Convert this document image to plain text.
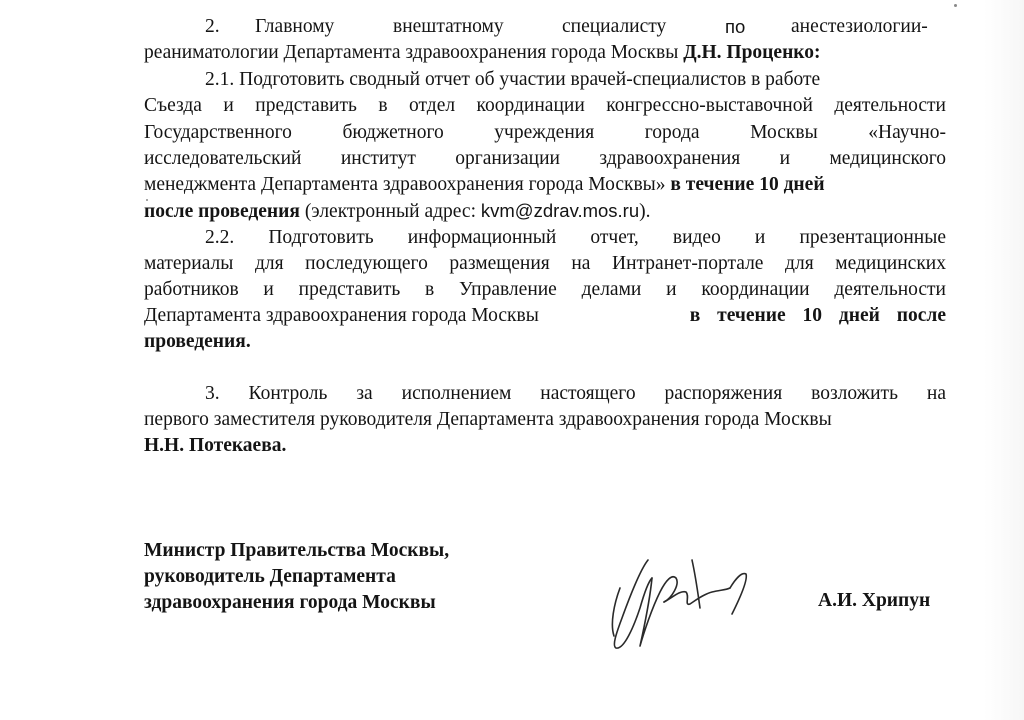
2. Главному	внештатному	специалисту	по анестезиологии-
реаниматологии Департамента здравоохранения города Москвы Д.Н. Проценко:
2.1. Подготовить сводный отчет об участии врачей-специалистов в работе
Съезда и представить в отдел координации конгрессно-выставочной деятельности
Государственного бюджетного учреждения города Москвы «Научно-
исследовательский институт организации здравоохранения и медицинского
менеджмента Департамента здравоохранения города Москвы» в течение 10 дней
после проведения (электронный адрес: kvm@zdrav.mos.ru).
2.2. Подготовить информационный отчет, видео и презентационные
материалы для последующего размещения на Интранет-портале для медицинских
работников и представить в Управление делами и координации деятельности
Департамента здравоохранения города Москвы	в течение 10 дней после
проведения.
3. Контроль за исполнением настоящего распоряжения возложить на
первого заместителя руководителя Департамента здравоохранения города Москвы
Н.Н. Потекаева.
Министр Правительства Москвы,
руководитель Департамента
здравоохранения города Москвы	А.И. Хрипун
